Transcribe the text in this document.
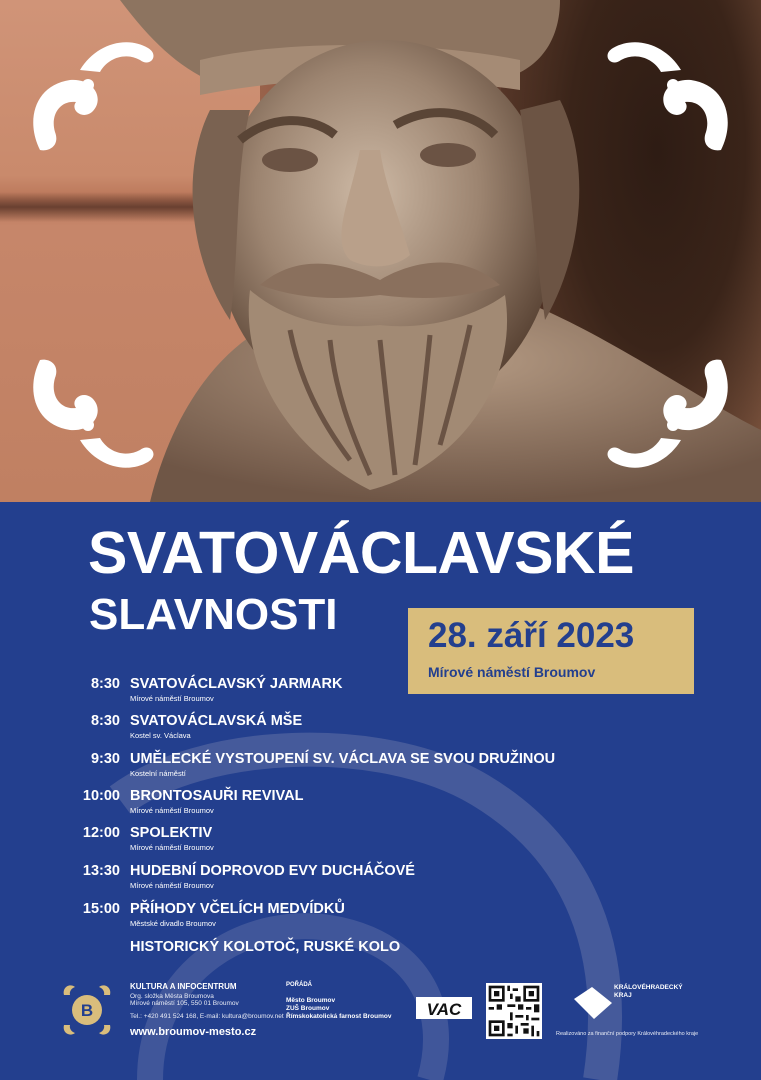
SVATOVÁCLAVSKÉ
SLAVNOSTI	28. září 2023
Mírové náměstí Broumov
8:30 SVATOVÁCLAVSKÝ JARMARK
Mírové náměstí Broumov
8:30 SVATOVÁCLAVSKÁ MŠE
Kostel sv. Václava
9:30 UMĚLECKÉ VYSTOUPENÍ SV. VÁCLAVA SE SVOU DRUŽINOU
Kostelní náměstí
10:00 BRONTOSAUŘI REVIVAL
Mírové náměstí Broumov
12:00 SPOLEKTIV
Mírové náměstí Broumov
13:30 HUDEBNÍ DOPROVOD EVY DUCHÁČOVÉ
Mírové náměstí Broumov
15:00 PŘÍHODY VČELÍCH MEDVÍDKŮ
Městské divadlo Broumov
HISTORICKÝ KOLOTOČ, RUSKÉ KOLO
B
KULTURA A INFOCENTRUM
Org. složka Města Broumova
Mírové náměstí 105, 550 01 Broumov
Tel.: +420 491 524 168, E-mail: kultura@broumov.net
www.broumov-mesto.cz
POŘÁDÁ
Město Broumov
ZUŠ Broumov
Římskokatolická farnost Broumov VAC
KRÁLOVÉHRADECKÝ
KRAJ
Realizováno za finanční podpory Královéhradeckého kraje
